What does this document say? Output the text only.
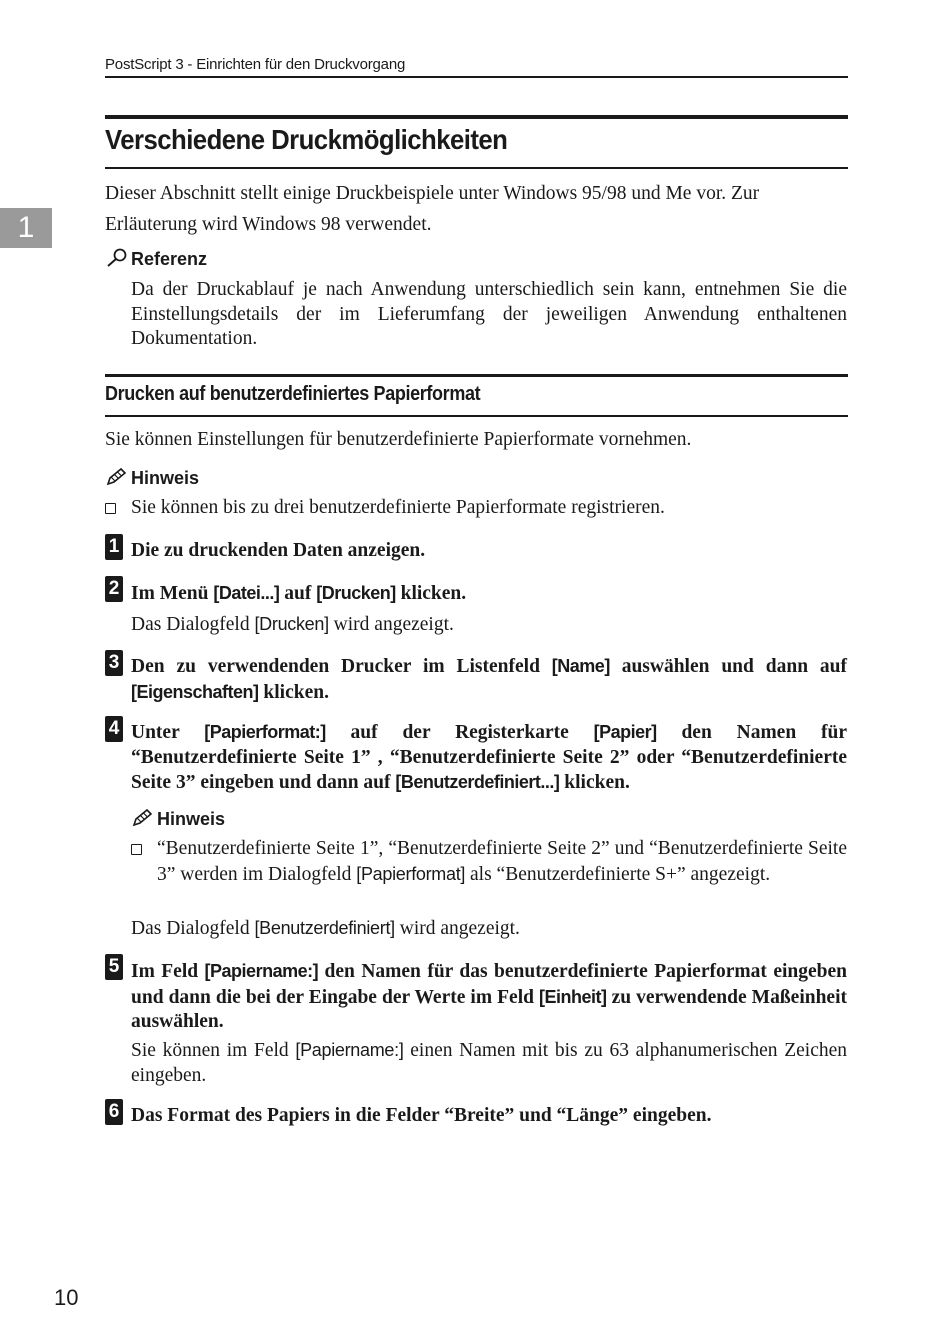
PostScript 3 - Einrichten für den Druckvorgang
1
Verschiedene Druckmöglichkeiten
Dieser Abschnitt stellt einige Druckbeispiele unter Windows 95/98 und Me vor. Zur Erläuterung wird Windows 98 verwendet.
Referenz
Da der Druckablauf je nach Anwendung unterschiedlich sein kann, entnehmen Sie die Einstellungsdetails der im Lieferumfang der jeweiligen Anwendung enthaltenen Dokumentation.
Drucken auf benutzerdefiniertes Papierformat
Sie können Einstellungen für benutzerdefinierte Papierformate vornehmen.
Hinweis
Sie können bis zu drei benutzerdefinierte Papierformate registrieren.
1 Die zu druckenden Daten anzeigen.
2 Im Menü [Datei...] auf [Drucken] klicken.
Das Dialogfeld [Drucken] wird angezeigt.
3 Den zu verwendenden Drucker im Listenfeld [Name] auswählen und dann auf [Eigenschaften] klicken.
4 Unter [Papierformat:] auf der Registerkarte [Papier] den Namen für “Benutzerdefinierte Seite 1” , “Benutzerdefinierte Seite 2” oder “Benutzerdefinierte Seite 3” eingeben und dann auf [Benutzerdefiniert...] klicken.
Hinweis
“Benutzerdefinierte Seite 1”, “Benutzerdefinierte Seite 2” und “Benutzerdefinierte Seite 3” werden im Dialogfeld [Papierformat] als “Benutzerdefinierte S+” angezeigt.
Das Dialogfeld [Benutzerdefiniert] wird angezeigt.
5 Im Feld [Papiername:] den Namen für das benutzerdefinierte Papierformat eingeben und dann die bei der Eingabe der Werte im Feld [Einheit] zu verwendende Maßeinheit auswählen.
Sie können im Feld [Papiername:] einen Namen mit bis zu 63 alphanumerischen Zeichen eingeben.
6 Das Format des Papiers in die Felder “Breite” und “Länge” eingeben.
10
